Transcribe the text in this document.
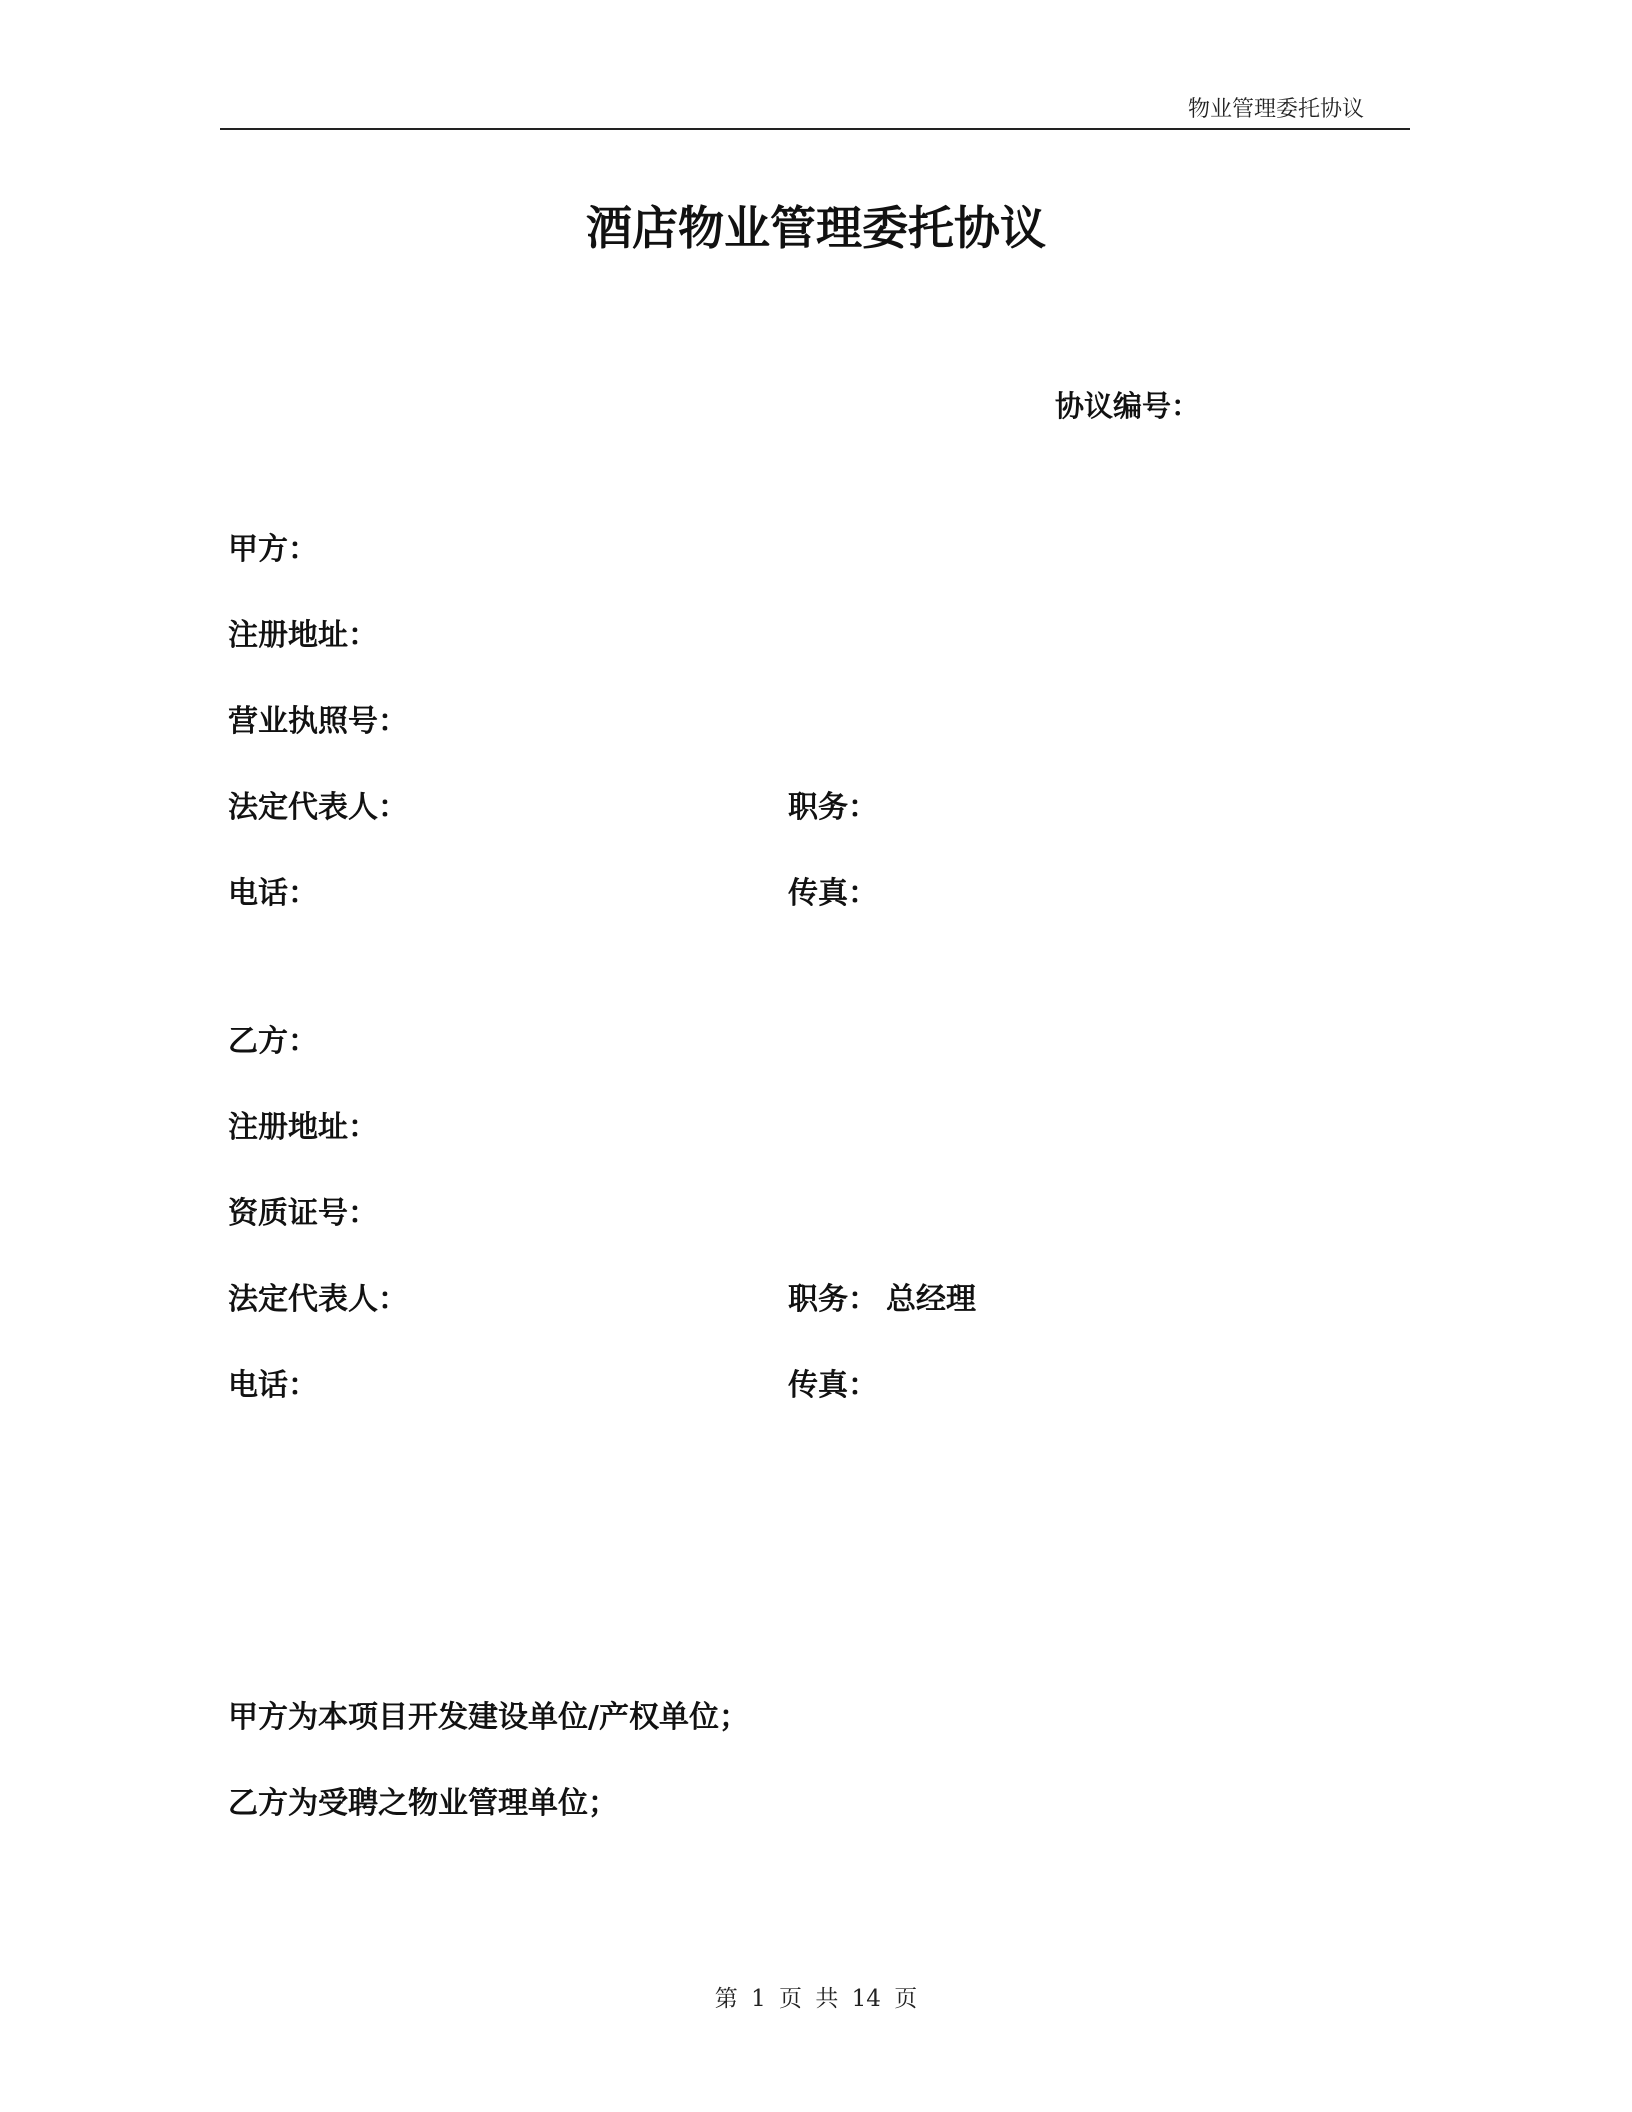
物业管理委托协议
酒店物业管理委托协议
协议编号：
甲方：
注册地址：
营业执照号：
法定代表人：	职务：
电话：	传真：
乙方：
注册地址：
资质证号：
法定代表人：	职务： 总经理
电话：	传真：
甲方为本项目开发建设单位/产权单位；
乙方为受聘之物业管理单位；
第 1 页 共 14 页
